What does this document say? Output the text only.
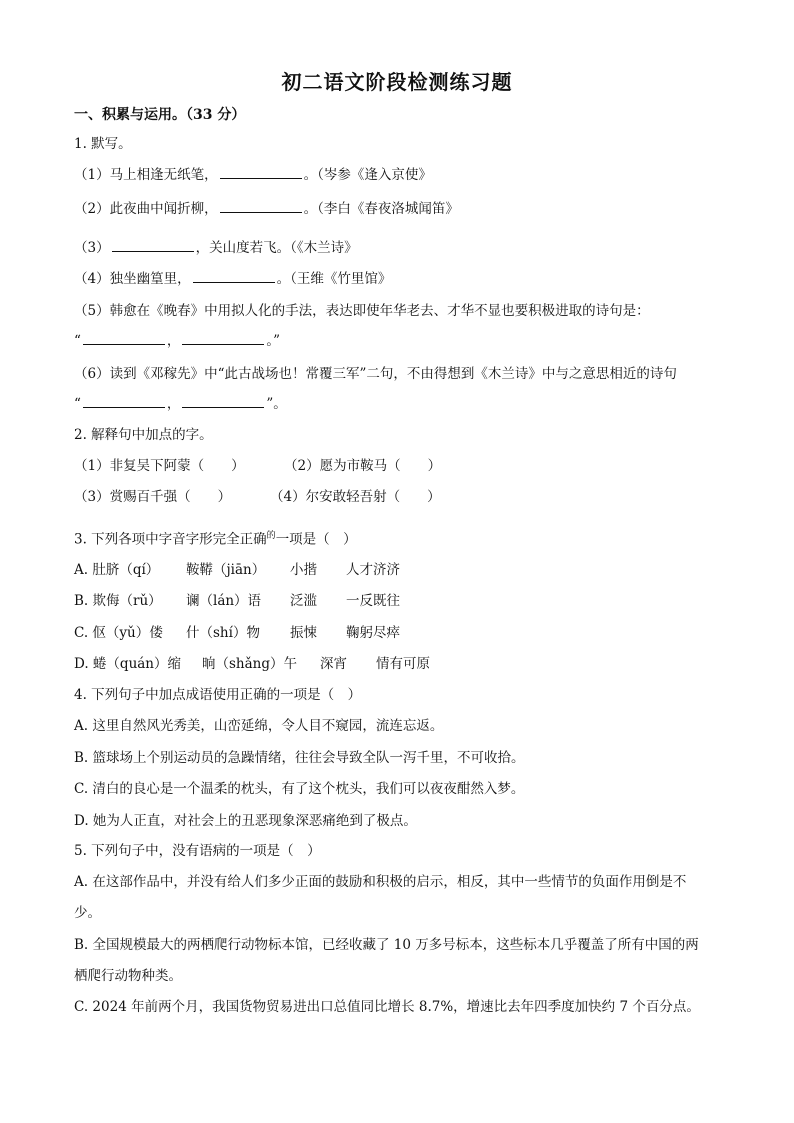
初二语文阶段检测练习题
一、积累与运用。（33 分）
1. 默写。
（1）马上相逢无纸笔，	。（岑参《逢入京使》
（2）此夜曲中闻折柳，	。（李白《春夜洛城闻笛》
（3）	，关山度若飞。（《木兰诗》
（4）独坐幽篁里，	。（王维《竹里馆》
（5）韩愈在《晚春》中用拟人化的手法，表达即使年华老去、才华不显也要积极进取的诗句是：
“	，	。”
（6）读到《邓稼先》中“此古战场也！常覆三军”二句，不由得想到《木兰诗》中与之意思相近的诗句
“	，	”。
2. 解释句中加点的字。
（1）非复吴下阿蒙（　　）	（2）愿为市鞍马（　　）
（3）赏赐百千强（　　）	（4）尔安敢轻吾射（　　）
3. 下列各项中字音字形完全正确$^的$一项是（　）
A. 肚脐（qí） 鞍鞯（jiān） 小揩 人才济济
B. 欺侮（rǔ） 谰（lán）语 泛滥 一反既往
C. 伛（yǔ）偻 什（shí）物 振悚 鞠躬尽瘁
D. 蜷（quán）缩 晌（shǎng）午 深宵 情有可原
4. 下列句子中加点成语使用正确的一项是（　）
A. 这里自然风光秀美，山峦延绵，令人目不窥园，流连忘返。
B. 篮球场上个别运动员的急躁情绪，往往会导致全队一泻千里，不可收拾。
C. 清白的良心是一个温柔的枕头，有了这个枕头，我们可以夜夜酣然入梦。
D. 她为人正直，对社会上的丑恶现象深恶痛绝到了极点。
5. 下列句子中，没有语病的一项是（　）
A. 在这部作品中，并没有给人们多少正面的鼓励和积极的启示，相反，其中一些情节的负面作用倒是不
少。
B. 全国规模最大的两栖爬行动物标本馆，已经收藏了 10 万多号标本，这些标本几乎覆盖了所有中国的两
栖爬行动物种类。
C. 2024 年前两个月，我国货物贸易进出口总值同比增长 8.7%，增速比去年四季度加快约 7 个百分点。
